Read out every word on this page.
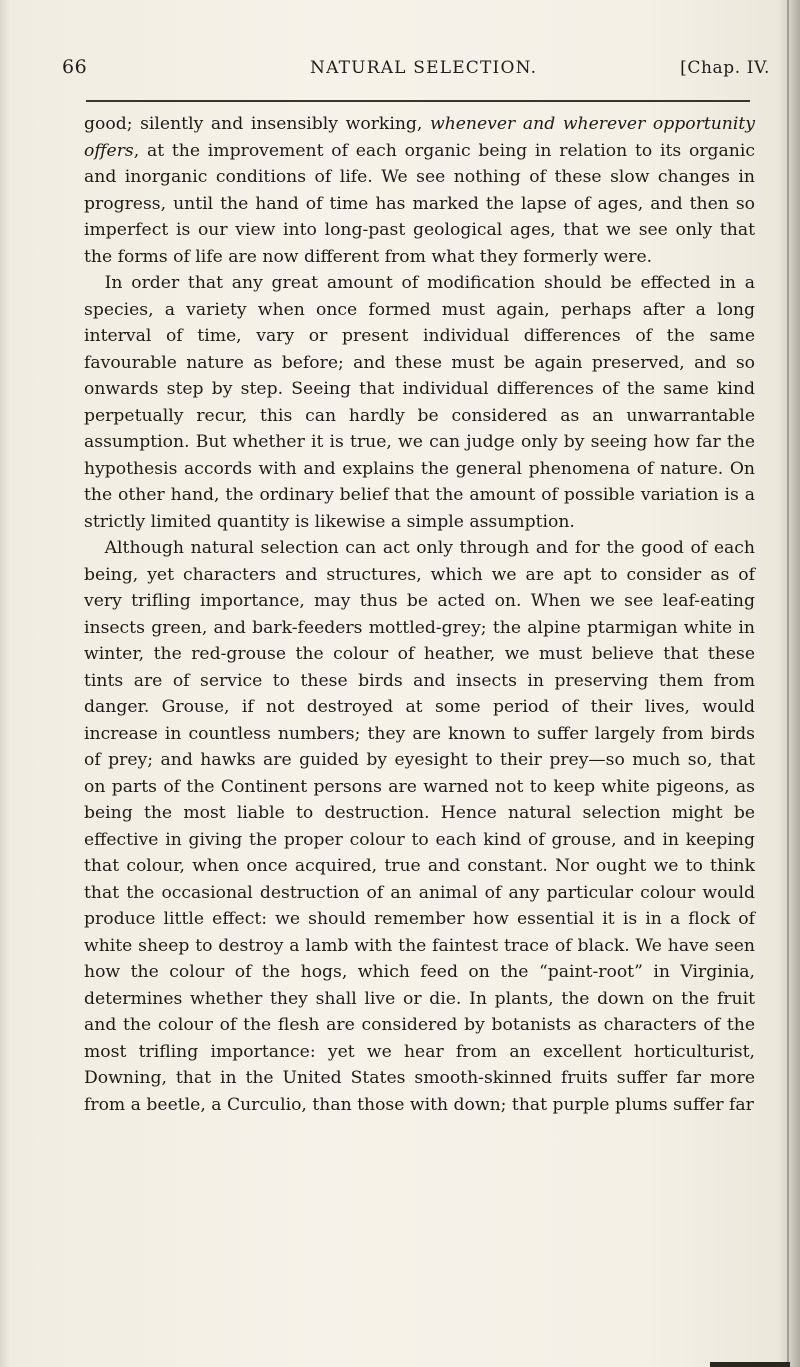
66	NATURAL SELECTION.	[Chap. IV.

good; silently and insensibly working, whenever and wherever opportunity offers, at the improvement of each organic being in relation to its organic and inorganic conditions of life. We see nothing of these slow changes in progress, until the hand of time has marked the lapse of ages, and then so imperfect is our view into long-past geological ages, that we see only that the forms of life are now different from what they formerly were.

In order that any great amount of modification should be effected in a species, a variety when once formed must again, perhaps after a long interval of time, vary or present individual differences of the same favourable nature as before; and these must be again preserved, and so onwards step by step. Seeing that individual differences of the same kind perpetually recur, this can hardly be considered as an unwarrantable assumption. But whether it is true, we can judge only by seeing how far the hypothesis accords with and explains the general phenomena of nature. On the other hand, the ordinary belief that the amount of possible variation is a strictly limited quantity is likewise a simple assumption.

Although natural selection can act only through and for the good of each being, yet characters and structures, which we are apt to consider as of very trifling importance, may thus be acted on. When we see leaf-eating insects green, and bark-feeders mottled-grey; the alpine ptarmigan white in winter, the red-grouse the colour of heather, we must believe that these tints are of service to these birds and insects in preserving them from danger. Grouse, if not destroyed at some period of their lives, would increase in countless numbers; they are known to suffer largely from birds of prey; and hawks are guided by eyesight to their prey—so much so, that on parts of the Continent persons are warned not to keep white pigeons, as being the most liable to destruction. Hence natural selection might be effective in giving the proper colour to each kind of grouse, and in keeping that colour, when once acquired, true and constant. Nor ought we to think that the occasional destruction of an animal of any particular colour would produce little effect: we should remember how essential it is in a flock of white sheep to destroy a lamb with the faintest trace of black. We have seen how the colour of the hogs, which feed on the “paint-root” in Virginia, determines whether they shall live or die. In plants, the down on the fruit and the colour of the flesh are considered by botanists as characters of the most trifling importance: yet we hear from an excellent horticulturist, Downing, that in the United States smooth-skinned fruits suffer far more from a beetle, a Curculio, than those with down; that purple plums suffer far
